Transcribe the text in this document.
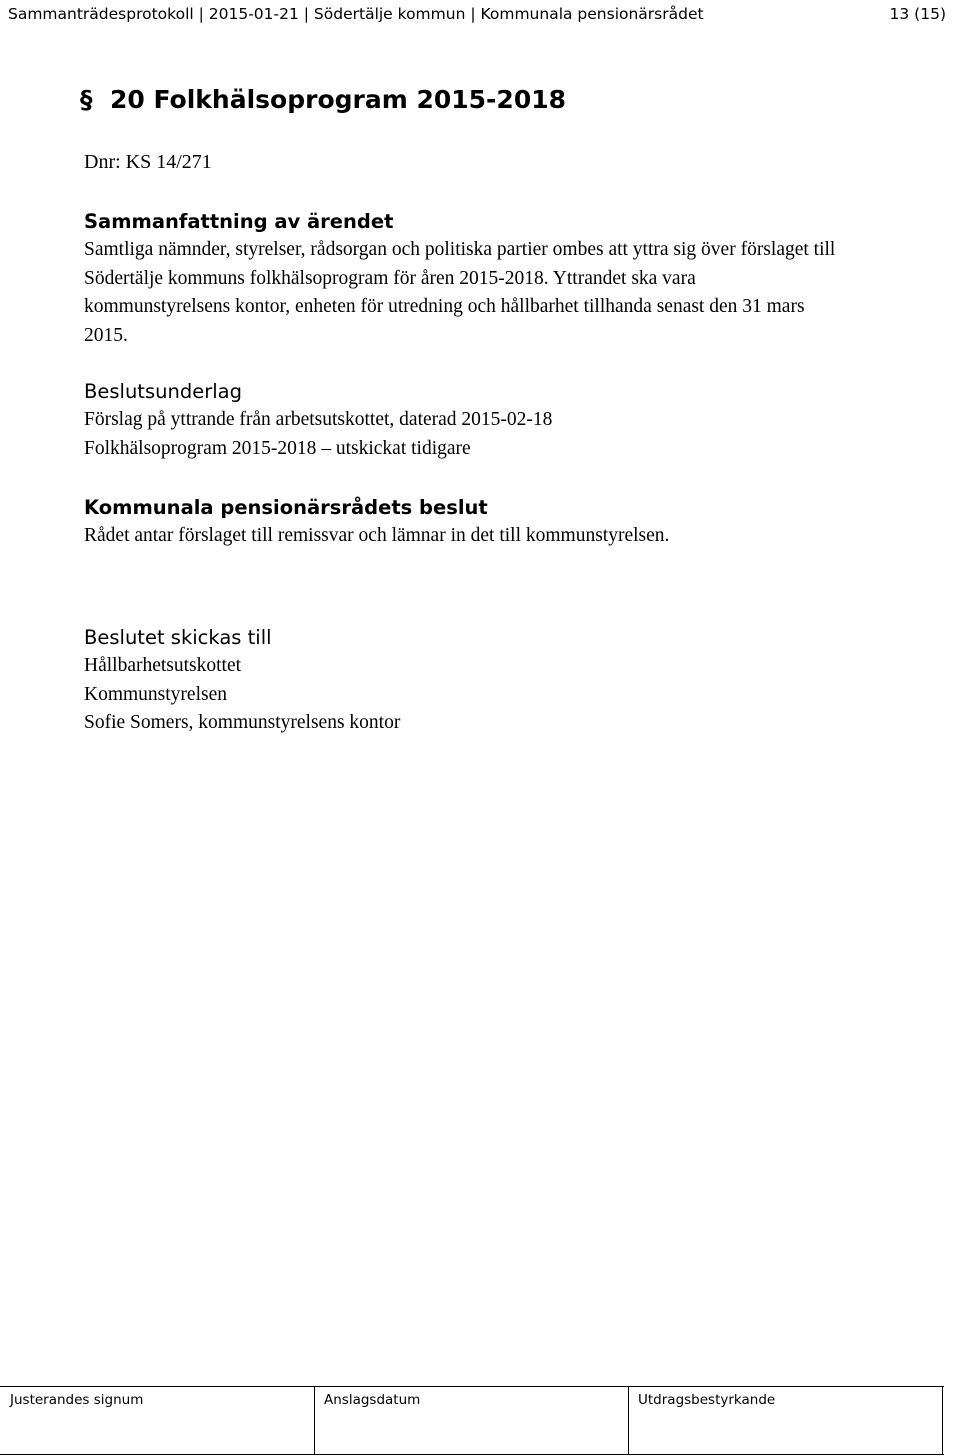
Sammanträdesprotokoll | 2015-01-21 | Södertälje kommun | Kommunala pensionärsrådet	13 (15)
§ 20 Folkhälsoprogram 2015-2018
Dnr: KS 14/271
Sammanfattning av ärendet
Samtliga nämnder, styrelser, rådsorgan och politiska partier ombes att yttra sig över förslaget till
Södertälje kommuns folkhälsoprogram för åren 2015-2018. Yttrandet ska vara
kommunstyrelsens kontor, enheten för utredning och hållbarhet tillhanda senast den 31 mars
2015.
Beslutsunderlag
Förslag på yttrande från arbetsutskottet, daterad 2015-02-18
Folkhälsoprogram 2015-2018 – utskickat tidigare
Kommunala pensionärsrådets beslut
Rådet antar förslaget till remissvar och lämnar in det till kommunstyrelsen.
Beslutet skickas till
Hållbarhetsutskottet
Kommunstyrelsen
Sofie Somers, kommunstyrelsens kontor
Justerandes signum	Anslagsdatum	Utdragsbestyrkande
